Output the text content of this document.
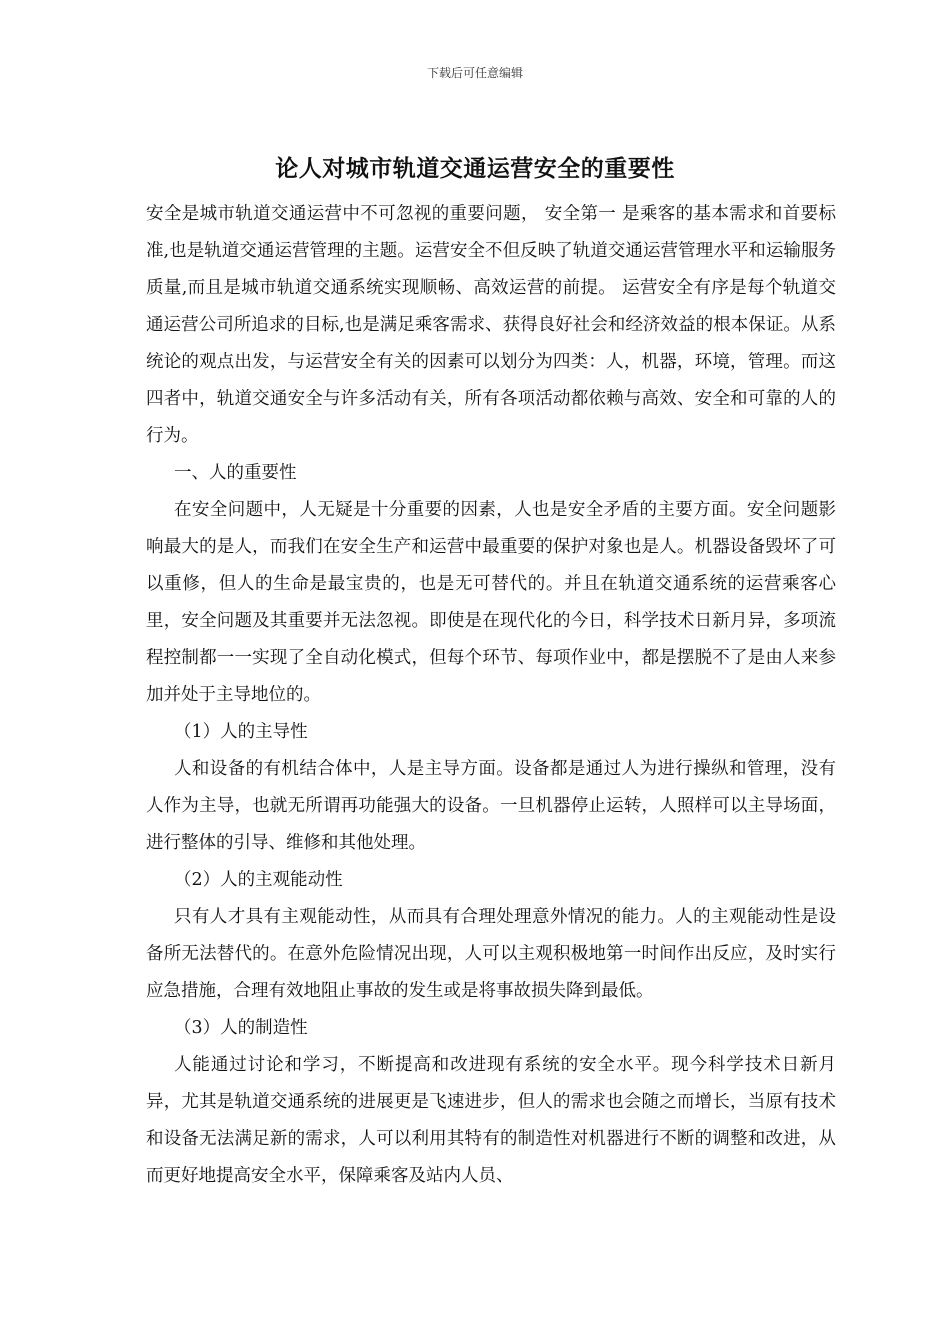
下载后可任意编辑
论人对城市轨道交通运营安全的重要性

安全是城市轨道交通运营中不可忽视的重要问题， 安全第一 是乘客的基本需求和首要标准,也是轨道交通运营管理的主题。运营安全不但反映了轨道交通运营管理水平和运输服务质量,而且是城市轨道交通系统实现顺畅、高效运营的前提。 运营安全有序是每个轨道交通运营公司所追求的目标,也是满足乘客需求、获得良好社会和经济效益的根本保证。从系统论的观点出发，与运营安全有关的因素可以划分为四类：人，机器，环境，管理。而这四者中，轨道交通安全与许多活动有关，所有各项活动都依赖与高效、安全和可靠的人的行为。

一、人的重要性

在安全问题中，人无疑是十分重要的因素，人也是安全矛盾的主要方面。安全问题影响最大的是人，而我们在安全生产和运营中最重要的保护对象也是人。机器设备毁坏了可以重修，但人的生命是最宝贵的，也是无可替代的。并且在轨道交通系统的运营乘客心里，安全问题及其重要并无法忽视。即使是在现代化的今日，科学技术日新月异，多项流程控制都一一实现了全自动化模式，但每个环节、每项作业中，都是摆脱不了是由人来参加并处于主导地位的。

（1）人的主导性

人和设备的有机结合体中，人是主导方面。设备都是通过人为进行操纵和管理，没有人作为主导，也就无所谓再功能强大的设备。一旦机器停止运转，人照样可以主导场面，进行整体的引导、维修和其他处理。

（2）人的主观能动性

只有人才具有主观能动性，从而具有合理处理意外情况的能力。人的主观能动性是设备所无法替代的。在意外危险情况出现，人可以主观积极地第一时间作出反应，及时实行应急措施，合理有效地阻止事故的发生或是将事故损失降到最低。

（3）人的制造性

人能通过讨论和学习，不断提高和改进现有系统的安全水平。现今科学技术日新月异，尤其是轨道交通系统的进展更是飞速进步，但人的需求也会随之而增长，当原有技术和设备无法满足新的需求，人可以利用其特有的制造性对机器进行不断的调整和改进，从而更好地提高安全水平，保障乘客及站内人员、
